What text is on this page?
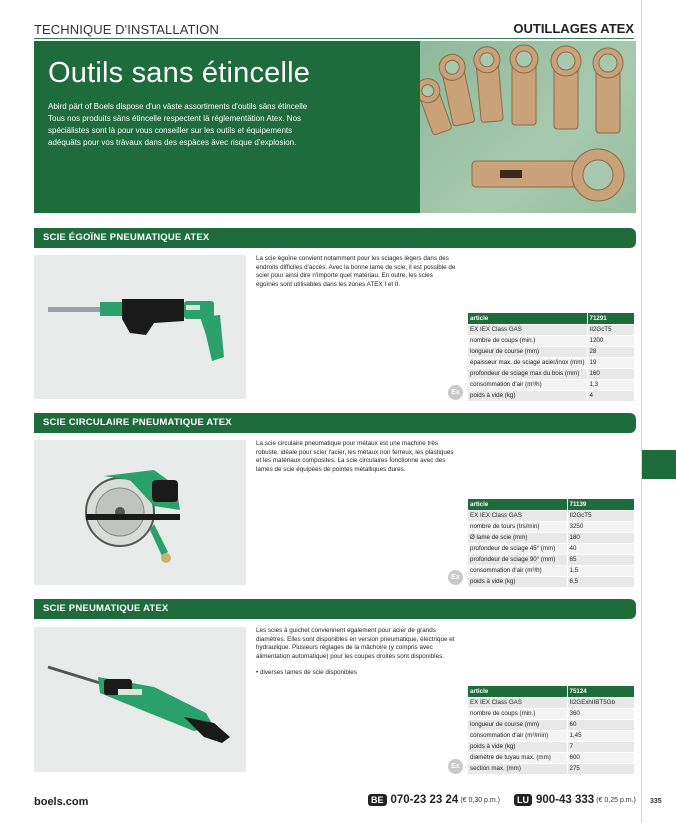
TECHNIQUE D'INSTALLATION	OUTILLAGES ATEX
Outils sans étincelle

Abird pärt of Boels dispose d'un väste assortiments d'outils säns étincelle Tous nos produits säns étincelle respectent lä réglementätion Atex. Nos spéciälistes sont là pour vous conseiller sur les outils et équipements adéquäts pour vos trävaux dans des espäces ävec risque d'explosion.

SCIE ÉGOÏNE PNEUMATIQUE ATEX
La scie égoïne convient notamment pour les sciages légers dans des endroits difficiles d'accès. Avec la bonne lame de scie, il est possible de scier pour ainsi dire n'importe quel matériau. En outre, les scies égoïnes sont utilisables dans les zones ATEX I et II.
article	71291
EX IEX Class GAS	II2GcT5
nombre de coups (min.)	1200
longueur de course (mm)	28
épaisseur max. de sciage acier/inox (mm)	19
profondeur de sciage max du bois (mm)	160
consommation d'air (m³/h)	1,3
poids à vide (kg)	4
Ex
SCIE CIRCULAIRE PNEUMATIQUE ATEX
La scie circulaire pneumatique pour métaux est une machine très robuste, idéale pour scier l'acier, les métaux non ferreux, les plastiques et les matériaux composites. La scie circulaires fonctionne avec des lames de scie équipées de pointes métalliques dures.
article	71139
EX IEX Class GAS	II2GcT5
nombre de tours (trs/min)	3250
Ø lame de scie (mm)	180
profondeur de sciage 45° (mm)	40
profondeur de sciage 90° (mm)	65
consommation d'air (m³/h)	1,5
poids à vide (kg)	6,5
Ex
SCIE PNEUMATIQUE ATEX
Les scies à guichet conviennent également pour acier de grands diamètres. Elles sont disponibles en version pneumatique, électrique et hydraulique. Plusieurs réglages de la mâchoire (y compris avec alimentation automatique) pour les coupes droites sont disponibles.
• diverses lames de scie disponibles
article	75124
EX IEX Class GAS	II2GExhIIBT5Gb
nombre de coups (min.)	360
longueur de course (mm)	60
consommation d'air (m³/min)	1,45
poids à vide (kg)	7
diamètre de tuyau max. (mm)	600
section max. (mm)	275
Ex
boels.com	BE 070-23 23 24 (€ 0,30 p.m.)	LU 900-43 333 (€ 0,25 p.m.) 335
